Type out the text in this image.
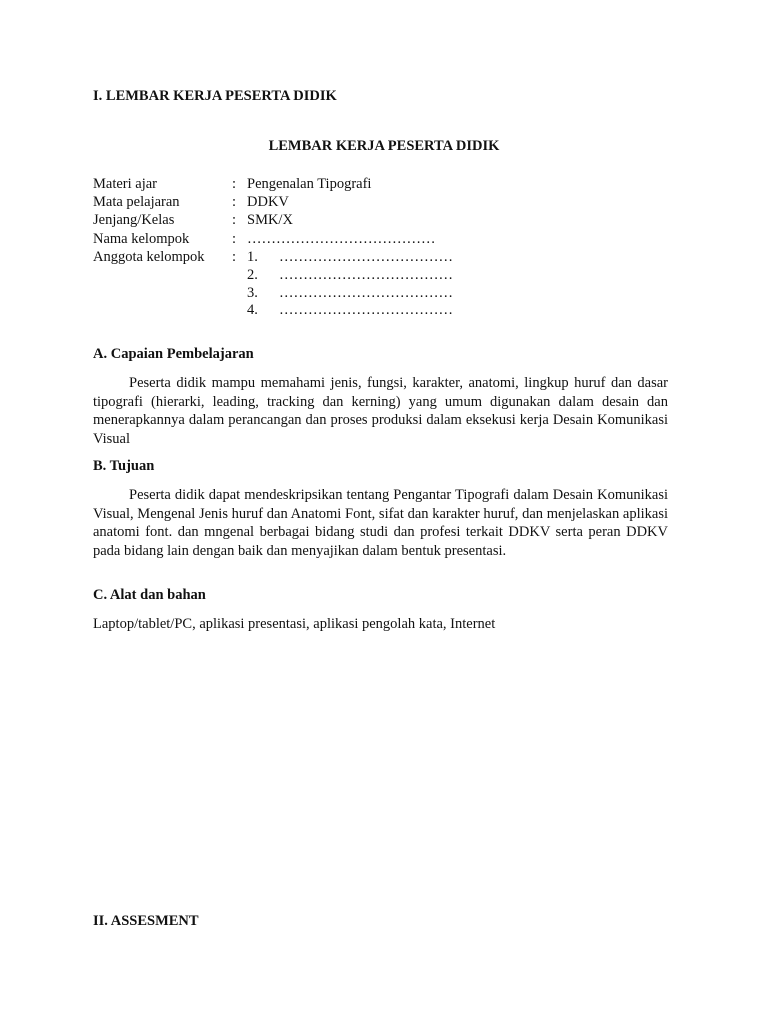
I. LEMBAR KERJA PESERTA DIDIK
LEMBAR KERJA PESERTA DIDIK
Materi ajar	: Pengenalan Tipografi
Mata pelajaran	: DDKV
Jenjang/Kelas	: SMK/X
Nama kelompok	: …………………………………
Anggota kelompok : 1. ………………………………
2. ………………………………
3. ………………………………
4. ………………………………
A. Capaian Pembelajaran

Peserta didik mampu memahami jenis, fungsi, karakter, anatomi, lingkup huruf dan dasar tipografi (hierarki, leading, tracking dan kerning) yang umum digunakan dalam desain dan menerapkannya dalam perancangan dan proses produksi dalam eksekusi kerja Desain Komunikasi Visual

B. Tujuan

Peserta didik dapat mendeskripsikan tentang Pengantar Tipografi dalam Desain Komunikasi Visual, Mengenal Jenis huruf dan Anatomi Font, sifat dan karakter huruf, dan menjelaskan aplikasi anatomi font. dan mngenal berbagai bidang studi dan profesi terkait DDKV serta peran DDKV pada bidang lain dengan baik dan menyajikan dalam bentuk presentasi.

C. Alat dan bahan
Laptop/tablet/PC, aplikasi presentasi, aplikasi pengolah kata, Internet
II. ASSESMENT
